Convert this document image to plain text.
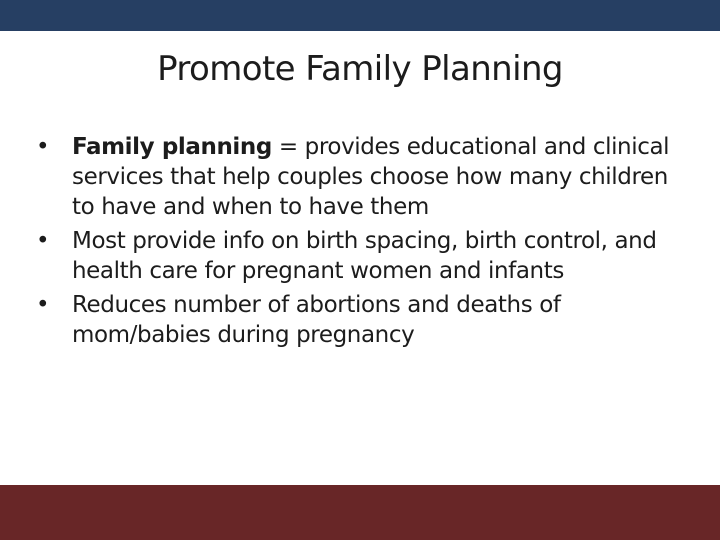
Promote Family Planning
• Family planning = provides educational and clinical services that help couples choose how many children to have and when to have them
• Most provide info on birth spacing, birth control, and health care for pregnant women and infants
• Reduces number of abortions and deaths of mom/babies during pregnancy
